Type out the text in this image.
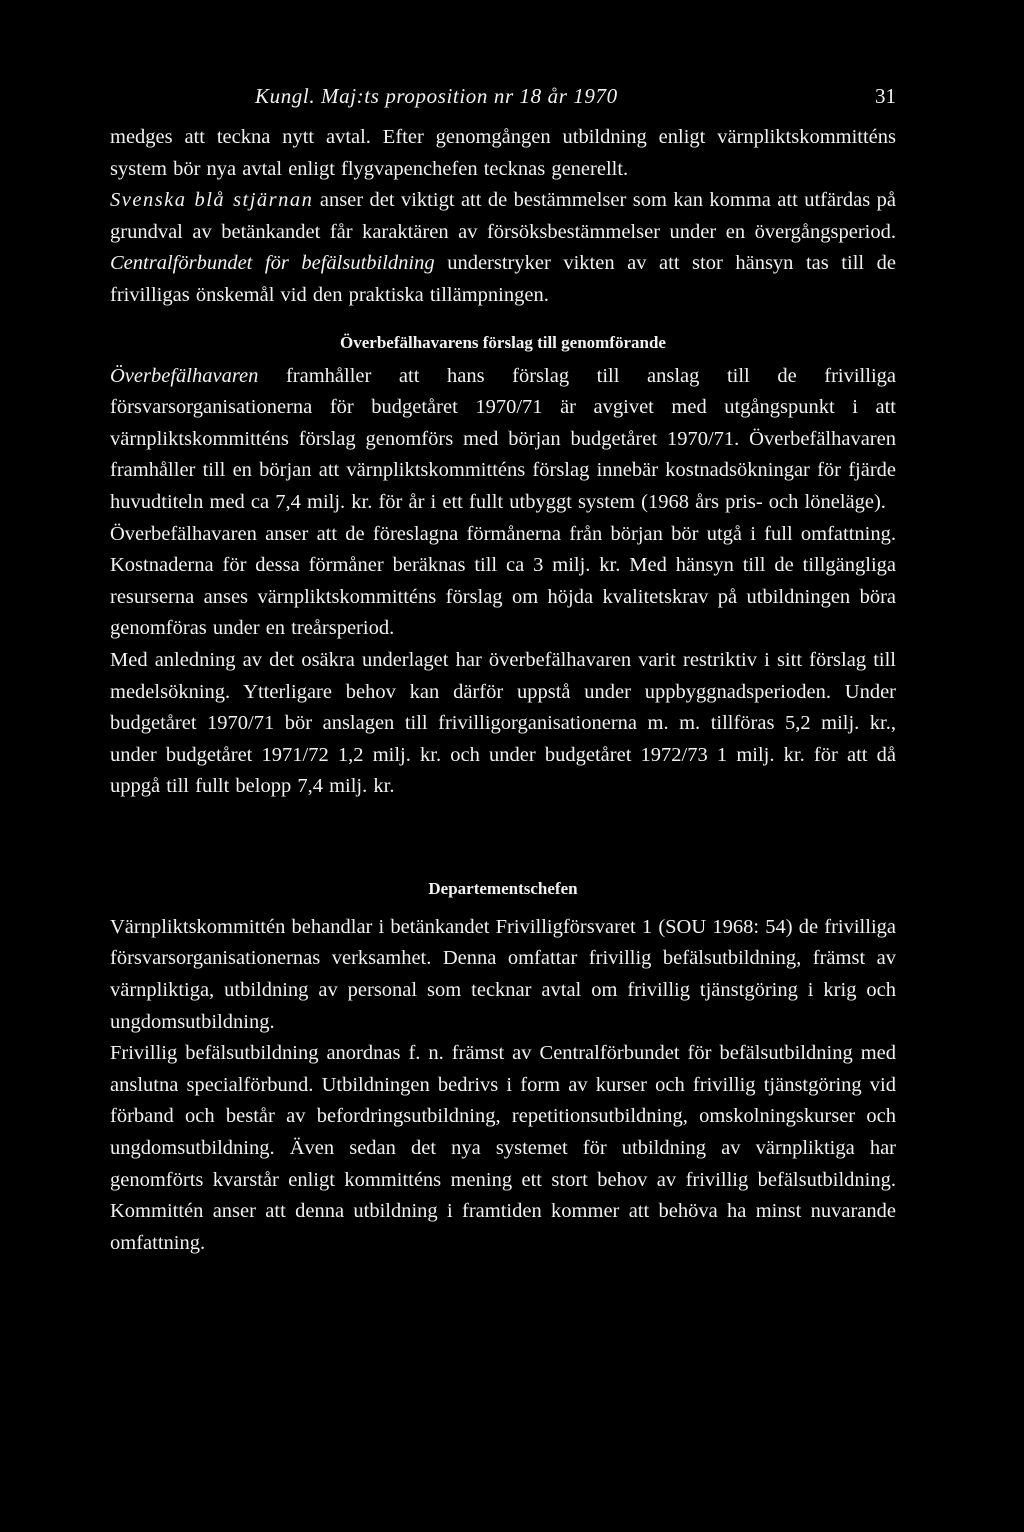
Kungl. Maj:ts proposition nr 18 år 1970	31

medges att teckna nytt avtal. Efter genomgången utbildning enligt värnpliktskommitténs system bör nya avtal enligt flygvapenchefen tecknas generellt.

Svenska blå stjärnan anser det viktigt att de bestämmelser som kan komma att utfärdas på grundval av betänkandet får karaktären av försöksbestämmelser under en övergångsperiod. Centralförbundet för befälsutbildning understryker vikten av att stor hänsyn tas till de frivilligas önskemål vid den praktiska tillämpningen.

Överbefälhavarens förslag till genomförande

Överbefälhavaren framhåller att hans förslag till anslag till de frivilliga försvarsorganisationerna för budgetåret 1970/71 är avgivet med utgångspunkt i att värnpliktskommitténs förslag genomförs med början budgetåret 1970/71. Överbefälhavaren framhåller till en början att värnpliktskommitténs förslag innebär kostnadsökningar för fjärde huvudtiteln med ca 7,4 milj. kr. för år i ett fullt utbyggt system (1968 års pris- och löneläge).

Överbefälhavaren anser att de föreslagna förmånerna från början bör utgå i full omfattning. Kostnaderna för dessa förmåner beräknas till ca 3 milj. kr. Med hänsyn till de tillgängliga resurserna anses värnpliktskommitténs förslag om höjda kvalitetskrav på utbildningen böra genomföras under en treårsperiod.

Med anledning av det osäkra underlaget har överbefälhavaren varit restriktiv i sitt förslag till medelsökning. Ytterligare behov kan därför uppstå under uppbyggnadsperioden. Under budgetåret 1970/71 bör anslagen till frivilligorganisationerna m. m. tillföras 5,2 milj. kr., under budgetåret 1971/72 1,2 milj. kr. och under budgetåret 1972/73 1 milj. kr. för att då uppgå till fullt belopp 7,4 milj. kr.

Departementschefen

Värnpliktskommittén behandlar i betänkandet Frivilligförsvaret 1 (SOU 1968: 54) de frivilliga försvarsorganisationernas verksamhet. Denna omfattar frivillig befälsutbildning, främst av värnpliktiga, utbildning av personal som tecknar avtal om frivillig tjänstgöring i krig och ungdomsutbildning.

Frivillig befälsutbildning anordnas f. n. främst av Centralförbundet för befälsutbildning med anslutna specialförbund. Utbildningen bedrivs i form av kurser och frivillig tjänstgöring vid förband och består av befordringsutbildning, repetitionsutbildning, omskolningskurser och ungdomsutbildning. Även sedan det nya systemet för utbildning av värnpliktiga har genomförts kvarstår enligt kommitténs mening ett stort behov av frivillig befälsutbildning. Kommittén anser att denna utbildning i framtiden kommer att behöva ha minst nuvarande omfattning.
